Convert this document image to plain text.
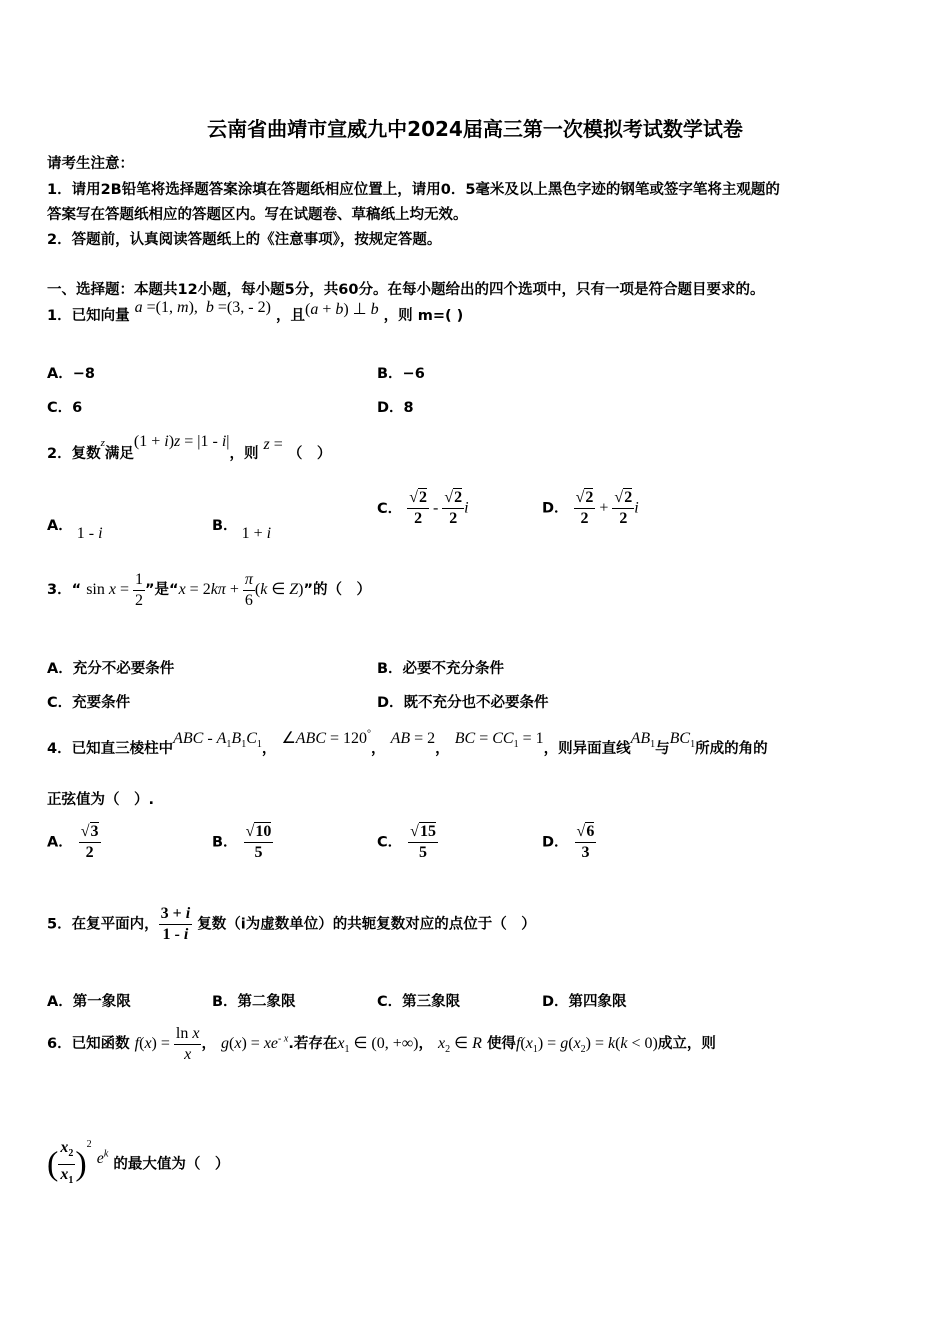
云南省曲靖市宣威九中2024届高三第一次模拟考试数学试卷
请考生注意：
1．请用2B铅笔将选择题答案涂填在答题纸相应位置上，请用0．5毫米及以上黑色字迹的钢笔或签字笔将主观题的
答案写在答题纸相应的答题区内。写在试题卷、草稿纸上均无效。
2．答题前，认真阅读答题纸上的《注意事项》，按规定答题。
一、选择题：本题共12小题，每小题5分，共60分。在每小题给出的四个选项中，只有一项是符合题目要求的。
1．已知向量 a =(1, m),  b =(3, - 2) ，且(a + b) ⊥ b ，则 m=( )
A．−8	B．−6
C．6	D．8
2．复数z满足(1 + i)z = |1 - i|，则 z = （　）
A． 1 - i	B． 1 + i
C． √ $\frac{2}{2}$ - √ $\frac{2}{2}$ i	D． √ $\frac{2}{2}$ + √ $\frac{2}{2}$ i
3．“ $\sin x = \frac{1}{2}$ ”是“$x = 2k\pi + \frac{\pi}{6} (k$ ∈ Z)”的（　）
A．充分不必要条件	B．必要不充分条件
C．充要条件	D．既不充分也不必要条件
4．已知直三棱柱中ABC - $A_1B_1C_1$， ∠ABC = 120°， AB = 2， BC = $CC_1 = 1$，则异面直线$AB_1$与$BC_1$所成的角的
正弦值为（　）.
A． √ $\frac{3}{2}$	B． √ $\frac{10}{5}$	C． √ $\frac{15}{5}$	D． √ $\frac{6}{3}$
5．在复平面内， $\frac{3 + i}{1 - i}$ 复数（i为虚数单位）的共轭复数对应的点位于（　）
A．第一象限	B．第二象限	C．第三象限	D．第四象限
6．已知函数 $f(x) = \frac{\text{ln x}}{x}$ ， $g(x) = xe^{- x}$.若存在$x_1$ ∈ (0, +∞)， $x_2$ ∈ R 使得$f(x_1) = g(x_2) = k(k < 0)$成立，则
( $\frac{x_2}{x_1} )^2$ $e^k$ 的最大值为（　）
